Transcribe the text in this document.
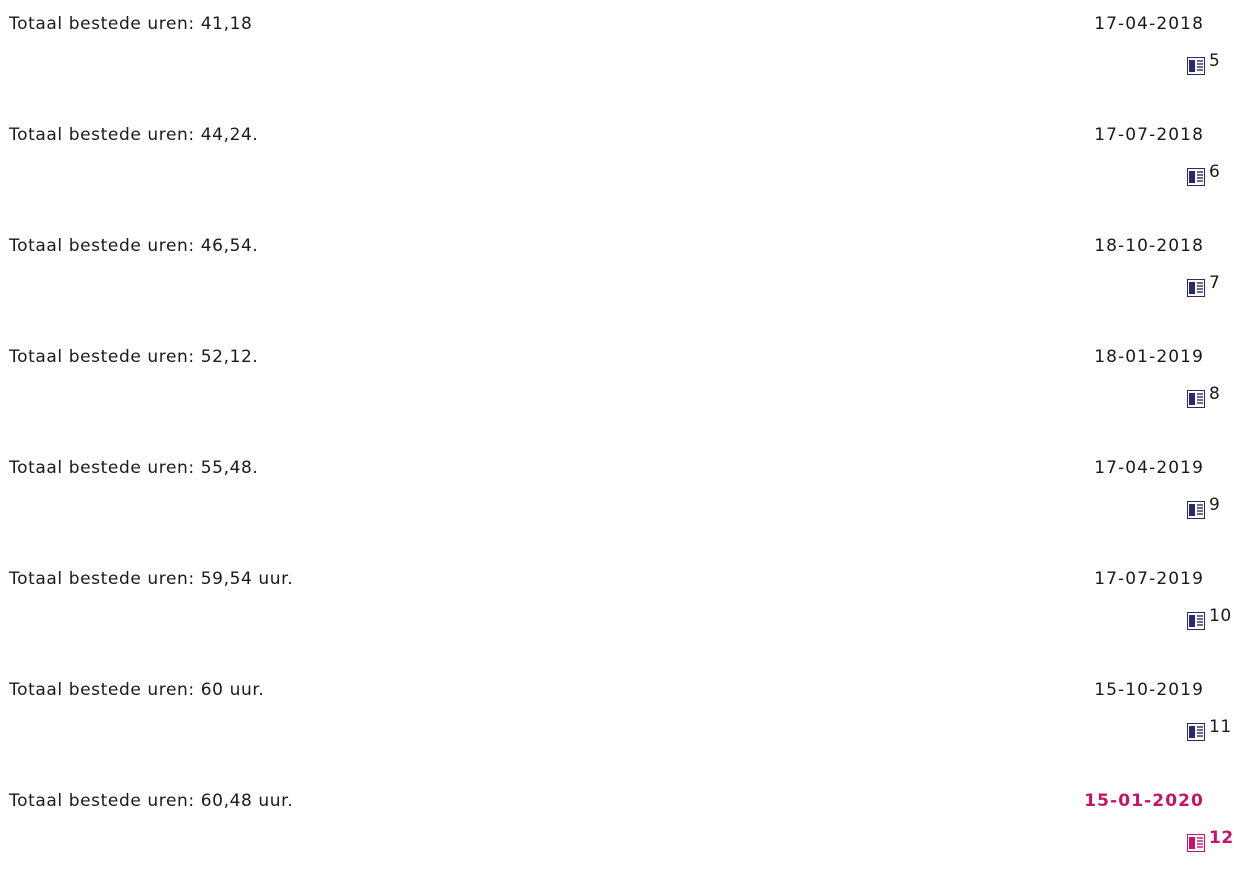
Totaal bestede uren: 41,18	17-04-2018
5
Totaal bestede uren: 44,24.	17-07-2018
6
Totaal bestede uren: 46,54.	18-10-2018
7
Totaal bestede uren: 52,12.	18-01-2019
8
Totaal bestede uren: 55,48.	17-04-2019
9
Totaal bestede uren: 59,54 uur.	17-07-2019
10
Totaal bestede uren: 60 uur.	15-10-2019
11
Totaal bestede uren: 60,48 uur.	15-01-2020
12
